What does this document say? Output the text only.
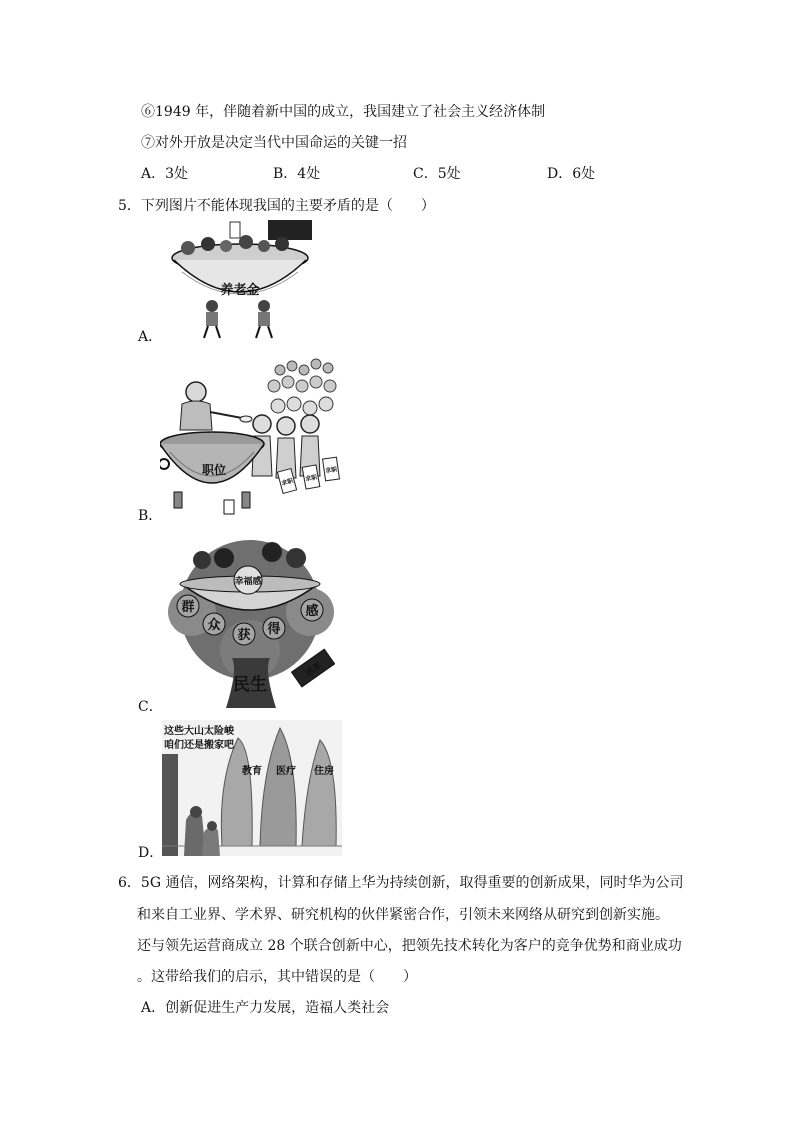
⑥1949 年，伴随着新中国的成立，我国建立了社会主义经济体制
⑦对外开放是决定当代中国命运的关键一招
A．3处	B．4处	C．5处	D．6处
5．下列图片不能体现我国的主要矛盾的是（　　）
养老金
A．
求职 求职
求职
职位
B．
幸福感
群
众
获 得
感
民生
改革
C．
这些大山太险峻
咱们还是搬家吧
教育 医疗 住房
D．
6．5G 通信，网络架构，计算和存储上华为持续创新，取得重要的创新成果，同时华为公司
和来自工业界、学术界、研究机构的伙伴紧密合作，引领未来网络从研究到创新实施。
还与领先运营商成立 28 个联合创新中心，把领先技术转化为客户的竞争优势和商业成功
。这带给我们的启示，其中错误的是（　　）
A．创新促进生产力发展，造福人类社会
